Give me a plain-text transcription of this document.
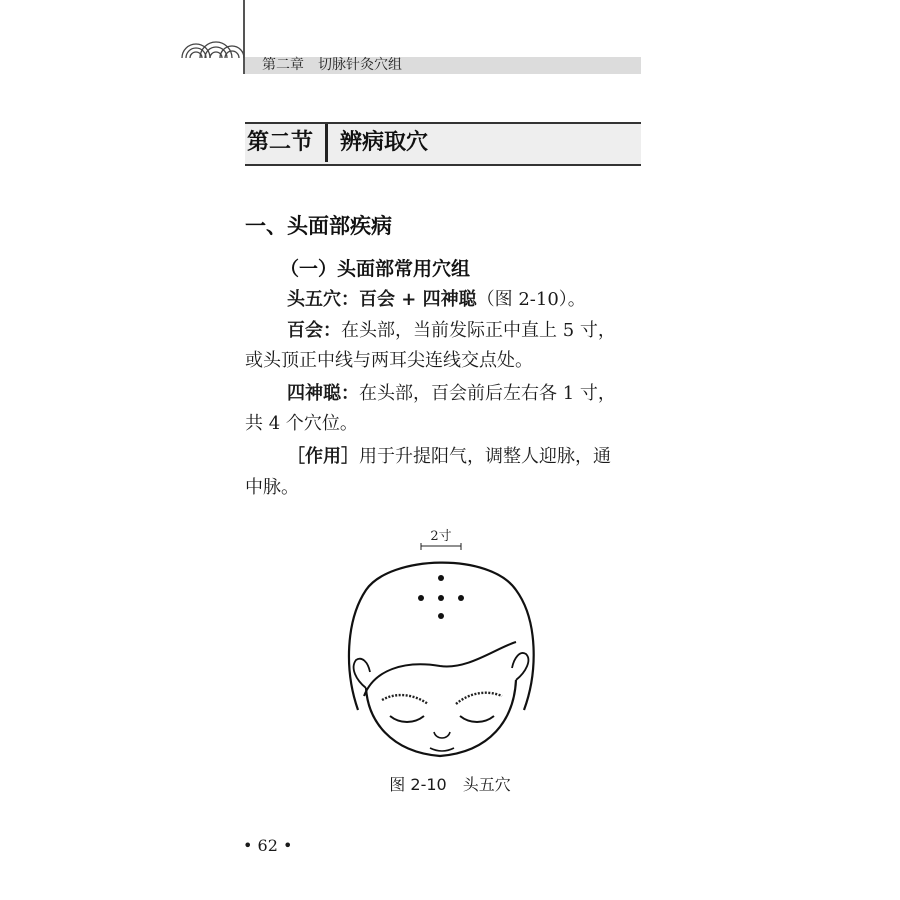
第二章　切脉针灸穴组
第二节 辨病取穴
一、头面部疾病
（一）头面部常用穴组
头五穴：百会 + 四神聪（图 2-10）。
百会：在头部，当前发际正中直上 5 寸，
或头顶正中线与两耳尖连线交点处。
四神聪：在头部，百会前后左右各 1 寸，
共 4 个穴位。
［作用］用于升提阳气，调整人迎脉，通
中脉。
2寸
图 2-10　头五穴
• 62 •
